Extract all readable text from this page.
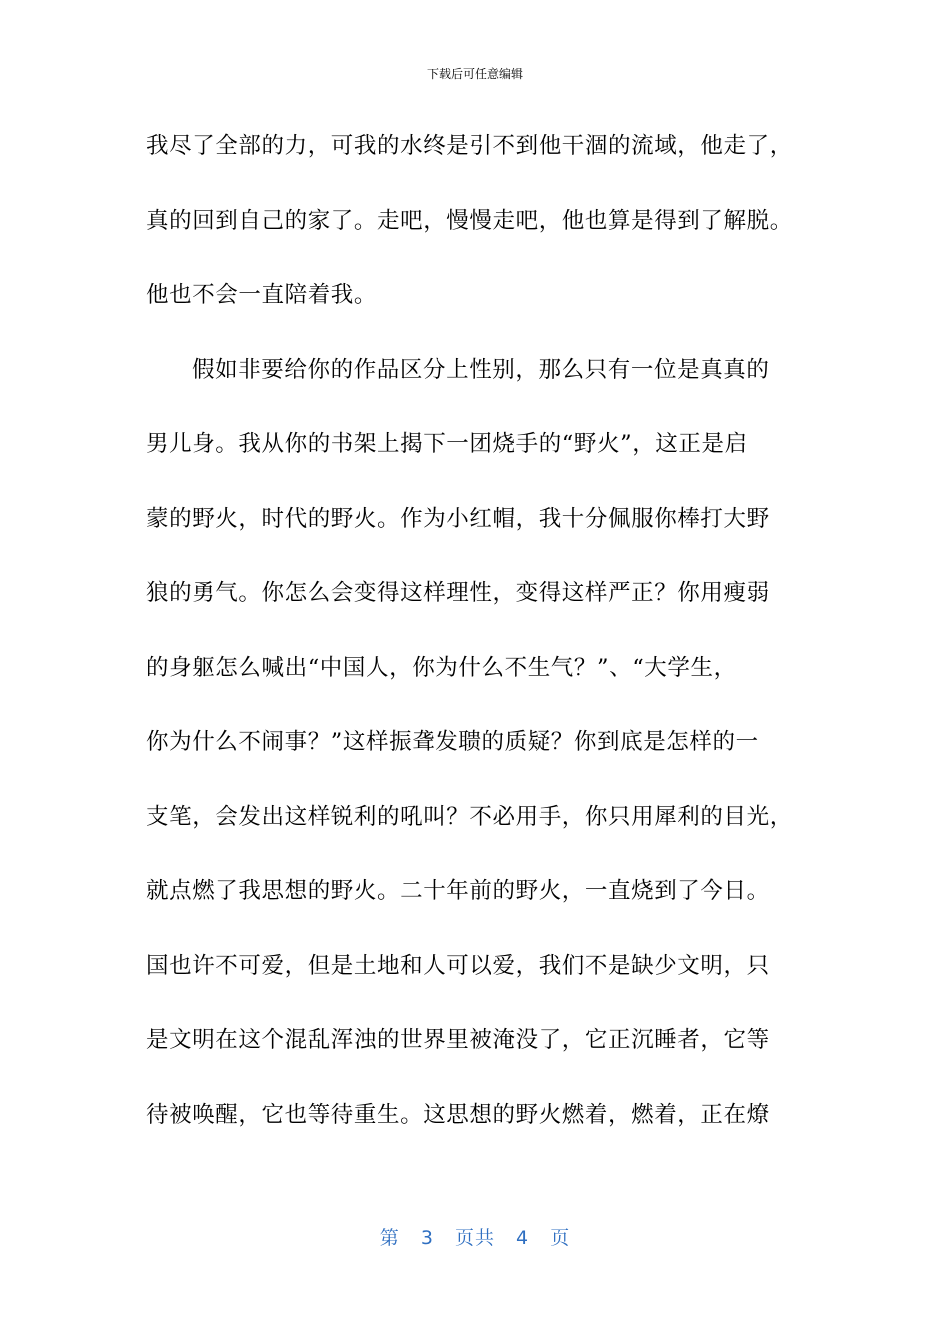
下载后可任意编辑
我尽了全部的力，可我的水终是引不到他干涸的流域，他走了，
真的回到自己的家了。走吧，慢慢走吧，他也算是得到了解脱。
他也不会一直陪着我。
假如非要给你的作品区分上性别，那么只有一位是真真的
男儿身。我从你的书架上揭下一团烧手的“野火”，这正是启
蒙的野火，时代的野火。作为小红帽，我十分佩服你棒打大野
狼的勇气。你怎么会变得这样理性，变得这样严正？你用瘦弱
的身躯怎么喊出“中国人，你为什么不生气？”、“大学生，
你为什么不闹事？”这样振聋发聩的质疑？你到底是怎样的一
支笔，会发出这样锐利的吼叫？不必用手，你只用犀利的目光，
就点燃了我思想的野火。二十年前的野火，一直烧到了今日。
国也许不可爱，但是土地和人可以爱，我们不是缺少文明，只
是文明在这个混乱浑浊的世界里被淹没了，它正沉睡者，它等
待被唤醒，它也等待重生。这思想的野火燃着，燃着，正在燎
第 3 页共 4 页
